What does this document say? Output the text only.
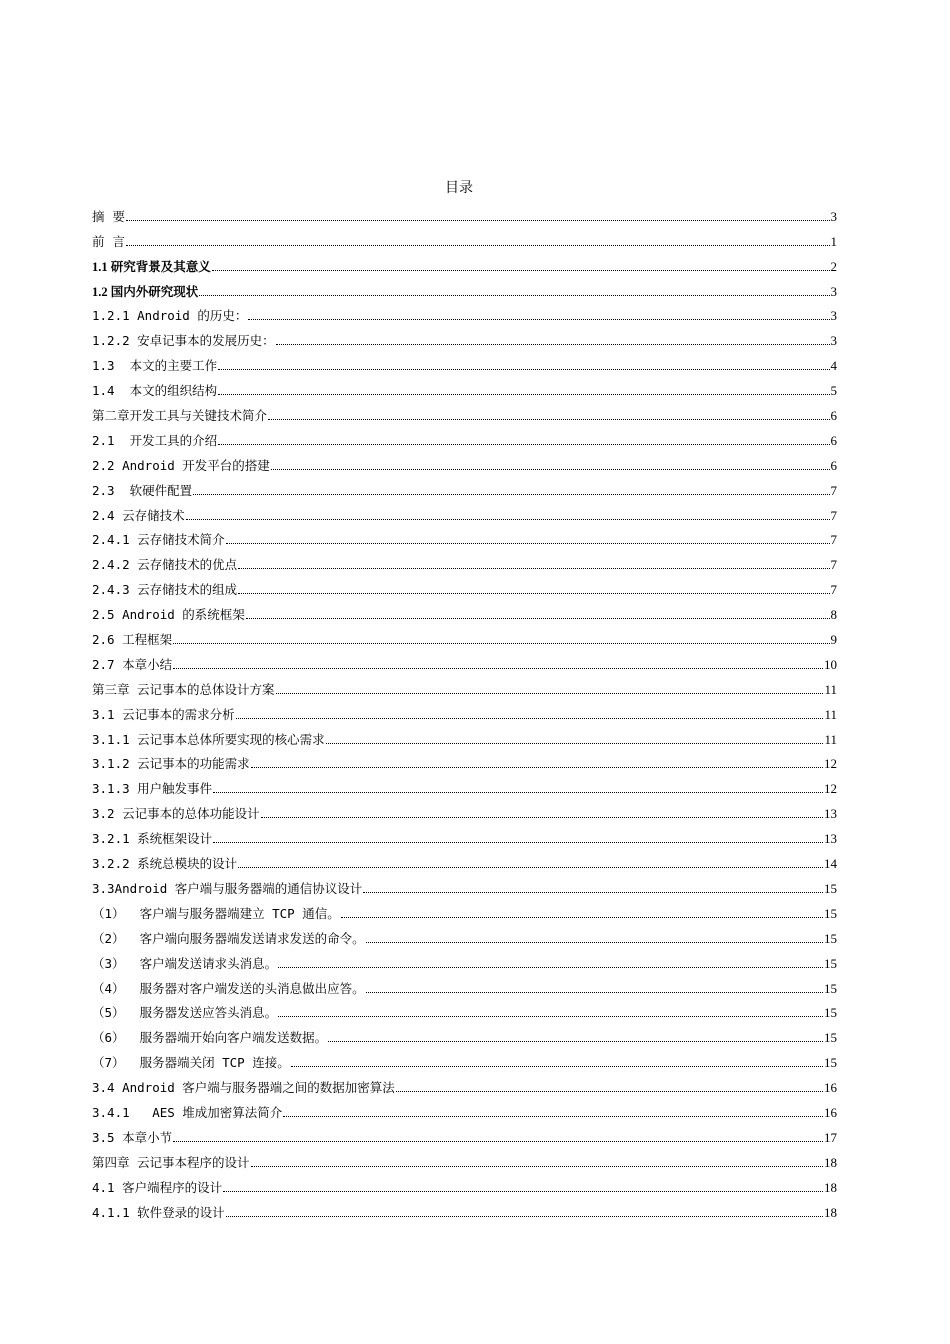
目录
摘  要	3
前  言	1
1.1 研究背景及其意义	2
1.2 国内外研究现状	3
1.2.1 Android 的历史：	3
1.2.2 安卓记事本的发展历史：	3
1.3  本文的主要工作	4
1.4  本文的组织结构	5
第二章开发工具与关键技术简介	6
2.1  开发工具的介绍	6
2.2 Android 开发平台的搭建	6
2.3  软硬件配置	7
2.4 云存储技术	7
2.4.1 云存储技术简介	7
2.4.2 云存储技术的优点	7
2.4.3 云存储技术的组成	7
2.5 Android 的系统框架	8
2.6 工程框架	9
2.7 本章小结	10
第三章 云记事本的总体设计方案	11
3.1 云记事本的需求分析	11
3.1.1 云记事本总体所要实现的核心需求	11
3.1.2 云记事本的功能需求	12
3.1.3 用户触发事件	12
3.2 云记事本的总体功能设计	13
3.2.1 系统框架设计	13
3.2.2 系统总模块的设计	14
3.3Android 客户端与服务器端的通信协议设计	15
（1）  客户端与服务器端建立 TCP 通信。	15
（2）  客户端向服务器端发送请求发送的命令。	15
（3）  客户端发送请求头消息。	15
（4）  服务器对客户端发送的头消息做出应答。	15
（5）  服务器发送应答头消息。	15
（6）  服务器端开始向客户端发送数据。	15
（7）  服务器端关闭 TCP 连接。	15
3.4 Android 客户端与服务器端之间的数据加密算法	16
3.4.1   AES 堆成加密算法简介	16
3.5 本章小节	17
第四章 云记事本程序的设计	18
4.1 客户端程序的设计	18
4.1.1 软件登录的设计	18
